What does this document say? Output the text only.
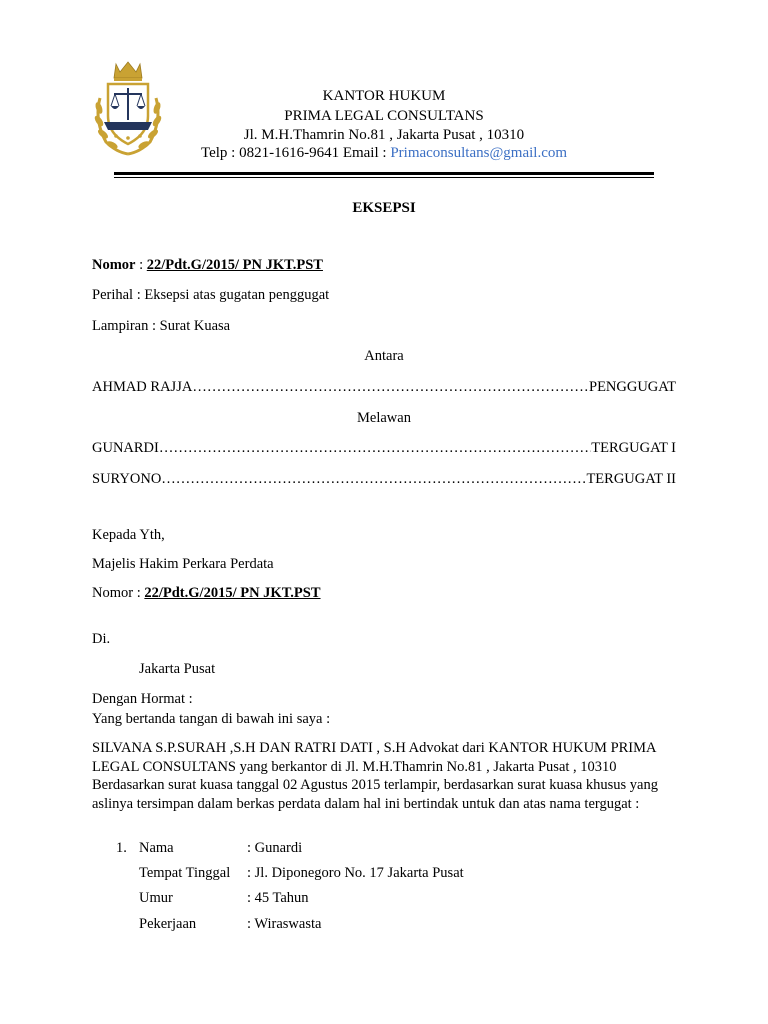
KANTOR HUKUM
PRIMA LEGAL CONSULTANS
Jl. M.H.Thamrin No.81 , Jakarta Pusat , 10310
Telp : 0821-1616-9641 Email : Primaconsultans@gmail.com
EKSEPSI
Nomor : 22/Pdt.G/2015/ PN JKT.PST
Perihal : Eksepsi atas gugatan penggugat
Lampiran : Surat Kuasa
Antara
AHMAD RAJJA ……………………………………………………………………………………………………………………………………………………………………	PENGGUGAT
Melawan
GUNARDI ……………………………………………………………………………………………………………………………………………………………………	TERGUGAT I
SURYONO ……………………………………………………………………………………………………………………………………………………………………	TERGUGAT II
Kepada Yth,
Majelis Hakim Perkara Perdata
Nomor : 22/Pdt.G/2015/ PN JKT.PST
Di.
Jakarta Pusat
Dengan Hormat :
Yang bertanda tangan di bawah ini saya :
SILVANA S.P.SURAH ,S.H DAN RATRI DATI , S.H Advokat dari KANTOR HUKUM PRIMA LEGAL CONSULTANS yang berkantor di Jl. M.H.Thamrin No.81 , Jakarta Pusat , 10310 Berdasarkan surat kuasa tanggal 02 Agustus 2015 terlampir, berdasarkan surat kuasa khusus yang aslinya tersimpan dalam berkas perdata dalam hal ini bertindak untuk dan atas nama tergugat :
1. Nama	: Gunardi
Tempat Tinggal	: Jl. Diponegoro No. 17 Jakarta Pusat
Umur	: 45 Tahun
Pekerjaan	: Wiraswasta
